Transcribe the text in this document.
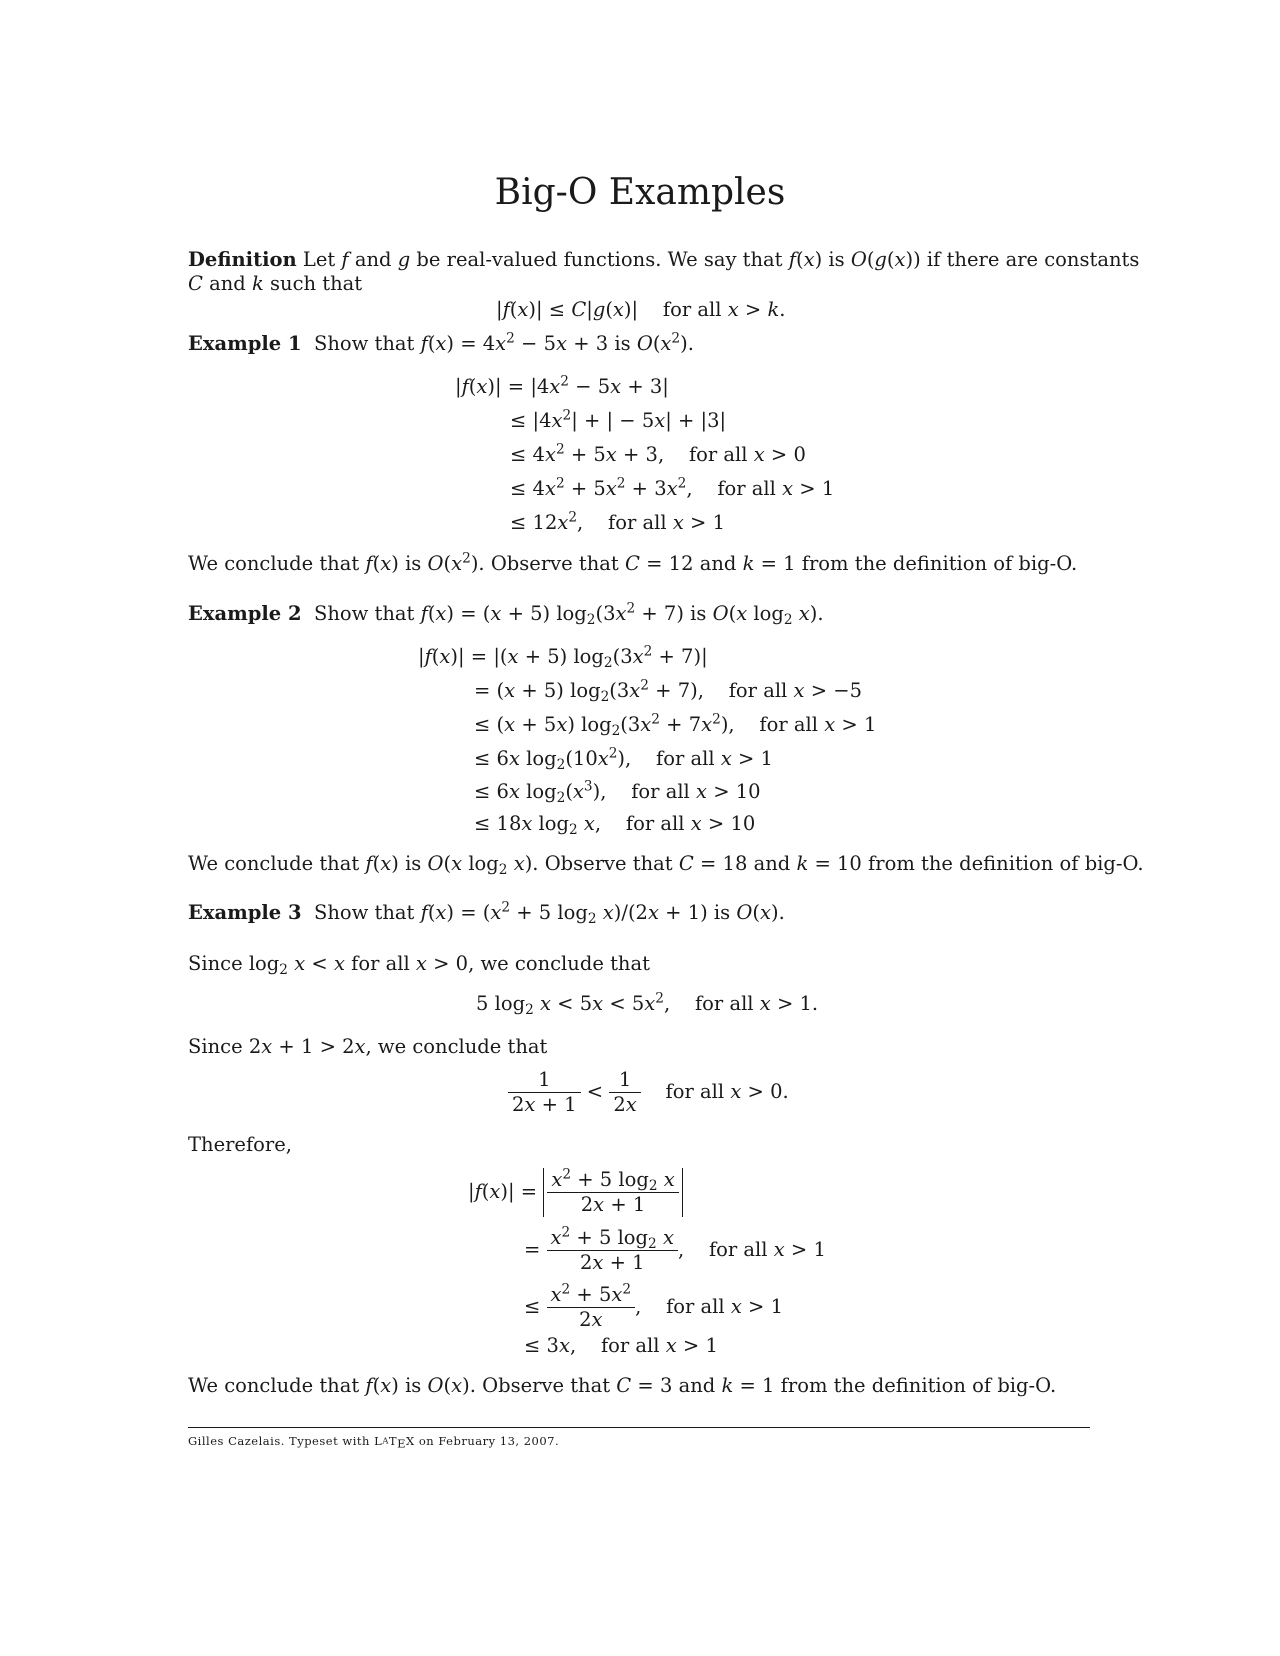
Big-O Examples
Definition Let f and g be real-valued functions. We say that f(x) is O(g(x)) if there are constants
C and k such that
|f(x)| ≤ C|g(x)|    for all x > k.
Example 1 Show that $f(x) = 4x^2 - 5x + 3$ is $O(x^2)$.
$|f(x)| = |4x^2 - 5x + 3|$
≤ $|4x^2|$ + | − 5x| + |3|
≤ $4x^2 + 5x + 3$,    for all x > 0
≤ $4x^2 + 5x^2 + 3x^2$,    for all x > 1
≤ $12x^2$,    for all x > 1
We conclude that f(x) is $O(x^2)$. Observe that C = 12 and k = 1 from the definition of big-O.
Example 2 Show that f(x) = (x + 5) $\log_2(3x^2 + 7)$ is O(x $\log_2 x$).
|f(x)| = |(x + 5) $\log_2(3x^2 + 7)|$
= (x + 5) $\log_2(3x^2 + 7)$,    for all x > −5
≤ (x + 5x) $\log_2(3x^2 + 7x^2)$,    for all x > 1
≤ 6x $\log_2(10x^2)$,    for all x > 1
≤ 6x $\log_2(x^3)$,    for all x > 10
≤ 18x $\log_2 x$,    for all x > 10
We conclude that f(x) is O(x $\log_2 x$). Observe that C = 18 and k = 10 from the definition of big-O.
Example 3 Show that $f(x) = (x^2 + 5$ $\log_2 x)/(2x + 1)$ is O(x).
Since $\log_2 x < x$ for all x > 0, we conclude that
5 $\log_2 x < 5x < 5x^2$,    for all x > 1.
Since 2x + 1 > 2x, we conclude that
$\frac{1}{2x + 1} < \frac{1}{2x}$ for all x > 0.
Therefore,
$|f(x)| = \frac{x^2 + 5 \log_2 x}{2x + 1}$
= $\frac{x^2 + 5 \log_2 x}{2x + 1}$ ,    for all x > 1
≤ $\frac{x^2 + 5x^2}{2x}$ ,    for all x > 1
≤ 3x,    for all x > 1
We conclude that f(x) is O(x). Observe that C = 3 and k = 1 from the definition of big-O.
Gilles Cazelais. Typeset with LATEX on February 13, 2007.
